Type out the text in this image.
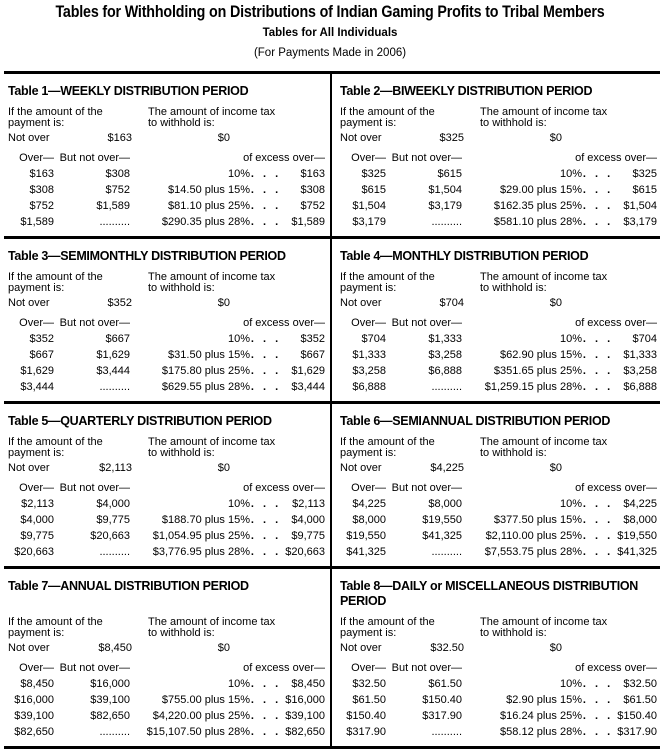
Tables for Withholding on Distributions of Indian Gaming Profits to Tribal Members
Tables for All Individuals
(For Payments Made in 2006)
Table 1—WEEKLY DISTRIBUTION PERIOD
If the amount of the
payment is:
The amount of income tax
to withhold is:
Not over	$163	$0
Over— But not over—	of excess over—
$163	$308	10% . . .	$163
$308	$752	$14.50 plus 15% . . .	$308
$752	$1,589	$81.10 plus 25% . . .	$752
$1,589	..........	$290.35 plus 28% . . . $1,589
Table 2—BIWEEKLY DISTRIBUTION PERIOD
If the amount of the
payment is:
The amount of income tax
to withhold is:
Not over	$325	$0
Over— But not over—	of excess over—
$325	$615	10% . . .	$325
$615	$1,504	$29.00 plus 15% . . .	$615
$1,504	$3,179	$162.35 plus 25% . . . $1,504
$3,179	..........	$581.10 plus 28% . . . $3,179
Table 3—SEMIMONTHLY DISTRIBUTION PERIOD
If the amount of the
payment is:
The amount of income tax
to withhold is:
Not over	$352	$0
Over— But not over—	of excess over—
$352	$667	10% . . .	$352
$667	$1,629	$31.50 plus 15% . . .	$667
$1,629	$3,444	$175.80 plus 25% . . . $1,629
$3,444	..........	$629.55 plus 28% . . . $3,444
Table 4—MONTHLY DISTRIBUTION PERIOD
If the amount of the
payment is:
The amount of income tax
to withhold is:
Not over	$704	$0
Over— But not over—	of excess over—
$704	$1,333	10% . . .	$704
$1,333	$3,258	$62.90 plus 15% . . . $1,333
$3,258	$6,888	$351.65 plus 25% . . . $3,258
$6,888	..........	$1,259.15 plus 28% . . . $6,888
Table 5—QUARTERLY DISTRIBUTION PERIOD
If the amount of the
payment is:
The amount of income tax
to withhold is:
Not over	$2,113	$0
Over— But not over—	of excess over—
$2,113	$4,000	10% . . .	$2,113
$4,000	$9,775	$188.70 plus 15% . . . $4,000
$9,775	$20,663	$1,054.95 plus 25% . . . $9,775
$20,663	..........	$3,776.95 plus 28% . . . $20,663
Table 6—SEMIANNUAL DISTRIBUTION PERIOD
If the amount of the
payment is:
The amount of income tax
to withhold is:
Not over	$4,225	$0
Over— But not over—	of excess over—
$4,225	$8,000	10% . . . $4,225
$8,000	$19,550	$377.50 plus 15% . . . $8,000
$19,550	$41,325	$2,110.00 plus 25% . . . $19,550
$41,325	..........	$7,553.75 plus 28% . . . $41,325
Table 7—ANNUAL DISTRIBUTION PERIOD
If the amount of the
payment is:
The amount of income tax
to withhold is:
Not over	$8,450	$0
Over— But not over—	of excess over—
$8,450	$16,000	10% . . . $8,450
$16,000	$39,100	$755.00 plus 15% . . . $16,000
$39,100	$82,650	$4,220.00 plus 25% . . . $39,100
$82,650	..........	$15,107.50 plus 28% . . . $82,650
Table 8—DAILY or MISCELLANEOUS DISTRIBUTION PERIOD
If the amount of the
payment is:
The amount of income tax
to withhold is:
Not over	$32.50	$0
Over— But not over—	of excess over—
$32.50	$61.50	10% . . . $32.50
$61.50	$150.40	$2.90 plus 15% . . . $61.50
$150.40	$317.90	$16.24 plus 25% . . . $150.40
$317.90	..........	$58.12 plus 28% . . . $317.90
